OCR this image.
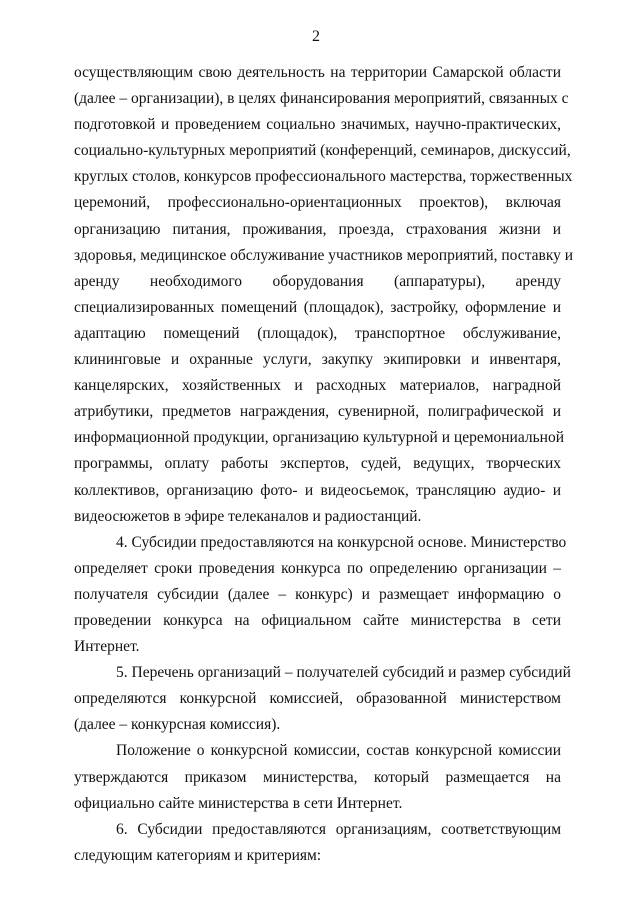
2

осуществляющим свою деятельность на территории Самарской области
(далее – организации), в целях финансирования мероприятий, связанных с
подготовкой и проведением социально значимых, научно-практических,
социально-культурных мероприятий (конференций, семинаров, дискуссий,
круглых столов, конкурсов профессионального мастерства, торжественных
церемоний, профессионально-ориентационных проектов), включая
организацию питания, проживания, проезда, страхования жизни и
здоровья, медицинское обслуживание участников мероприятий, поставку и
аренду необходимого оборудования (аппаратуры), аренду
специализированных помещений (площадок), застройку, оформление и
адаптацию помещений (площадок), транспортное обслуживание,
клининговые и охранные услуги, закупку экипировки и инвентаря,
канцелярских, хозяйственных и расходных материалов, наградной
атрибутики, предметов награждения, сувенирной, полиграфической и
информационной продукции, организацию культурной и церемониальной
программы, оплату работы экспертов, судей, ведущих, творческих
коллективов, организацию фото- и видеосьемок, трансляцию аудио- и
видеосюжетов в эфире телеканалов и радиостанций.

4. Субсидии предоставляются на конкурсной основе. Министерство
определяет сроки проведения конкурса по определению организации –
получателя субсидии (далее – конкурс) и размещает информацию о
проведении конкурса на официальном сайте министерства в сети
Интернет.

5. Перечень организаций – получателей субсидий и размер субсидий
определяются конкурсной комиссией, образованной министерством
(далее – конкурсная комиссия).

Положение о конкурсной комиссии, состав конкурсной комиссии
утверждаются приказом министерства, который размещается на
официально сайте министерства в сети Интернет.

6. Субсидии предоставляются организациям, соответствующим
следующим категориям и критериям:
